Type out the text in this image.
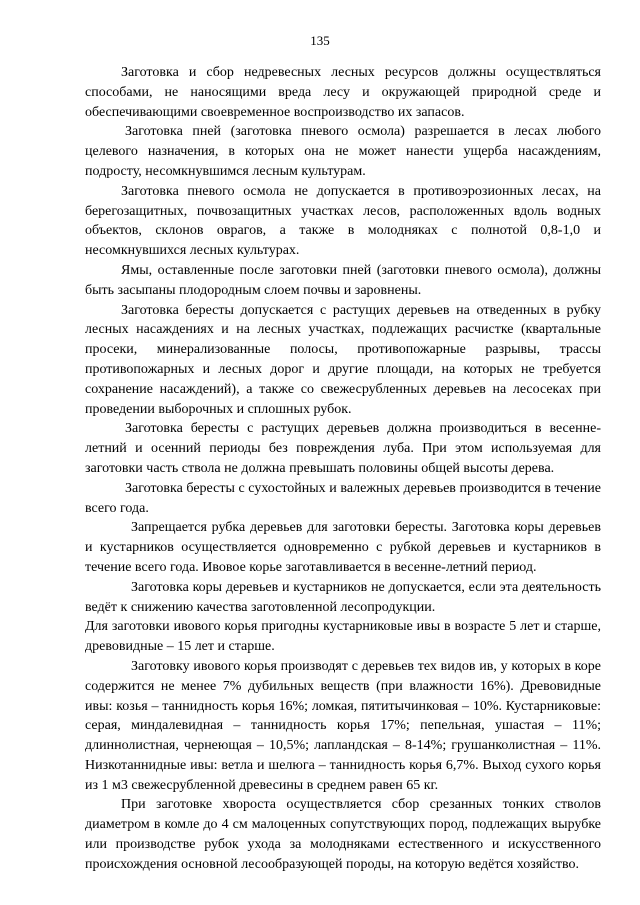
135

Заготовка и сбор недревесных лесных ресурсов должны осуществляться способами, не наносящими вреда лесу и окружающей природной среде и обеспечивающими своевременное воспроизводство их запасов.

Заготовка пней (заготовка пневого осмола) разрешается в лесах любого целевого назначения, в которых она не может нанести ущерба насаждениям, подросту, несомкнувшимся лесным культурам.

Заготовка пневого осмола не допускается в противоэрозионных лесах, на берегозащитных, почвозащитных участках лесов, расположенных вдоль водных объектов, склонов оврагов, а также в молодняках с полнотой 0,8-1,0 и несомкнувшихся лесных культурах.

Ямы, оставленные после заготовки пней (заготовки пневого осмола), должны быть засыпаны плодородным слоем почвы и заровнены.

Заготовка бересты допускается с растущих деревьев на отведенных в рубку лесных насаждениях и на лесных участках, подлежащих расчистке (квартальные просеки, минерализованные полосы, противопожарные разрывы, трассы противопожарных и лесных дорог и другие площади, на которых не требуется сохранение насаждений), а также со свежесрубленных деревьев на лесосеках при проведении выборочных и сплошных рубок.

Заготовка бересты с растущих деревьев должна производиться в весенне-летний и осенний периоды без повреждения луба. При этом используемая для заготовки часть ствола не должна превышать половины общей высоты дерева.

Заготовка бересты с сухостойных и валежных деревьев производится в течение всего года.

Запрещается рубка деревьев для заготовки бересты. Заготовка коры деревьев и кустарников осуществляется одновременно с рубкой деревьев и кустарников в течение всего года. Ивовое корье заготавливается в весенне-летний период.

Заготовка коры деревьев и кустарников не допускается, если эта деятельность ведёт к снижению качества заготовленной лесопродукции.

Для заготовки ивового корья пригодны кустарниковые ивы в возрасте 5 лет и старше, древовидные – 15 лет и старше.

Заготовку ивового корья производят с деревьев тех видов ив, у которых в коре содержится не менее 7% дубильных веществ (при влажности 16%). Древовидные ивы: козья – таннидность корья 16%; ломкая, пятитычинковая – 10%. Кустарниковые: серая, миндалевидная – таннидность корья 17%; пепельная, ушастая – 11%; длиннолистная, чернеющая – 10,5%; лапландская – 8-14%; грушанколистная – 11%. Низкотаннидные ивы: ветла и шелюга – таннидность корья 6,7%. Выход сухого корья из 1 м3 свежесрубленной древесины в среднем равен 65 кг.

При заготовке хвороста осуществляется сбор срезанных тонких стволов диаметром в комле до 4 см малоценных сопутствующих пород, подлежащих вырубке или производстве рубок ухода за молодняками естественного и искусственного происхождения основной лесообразующей породы, на которую ведётся хозяйство.
